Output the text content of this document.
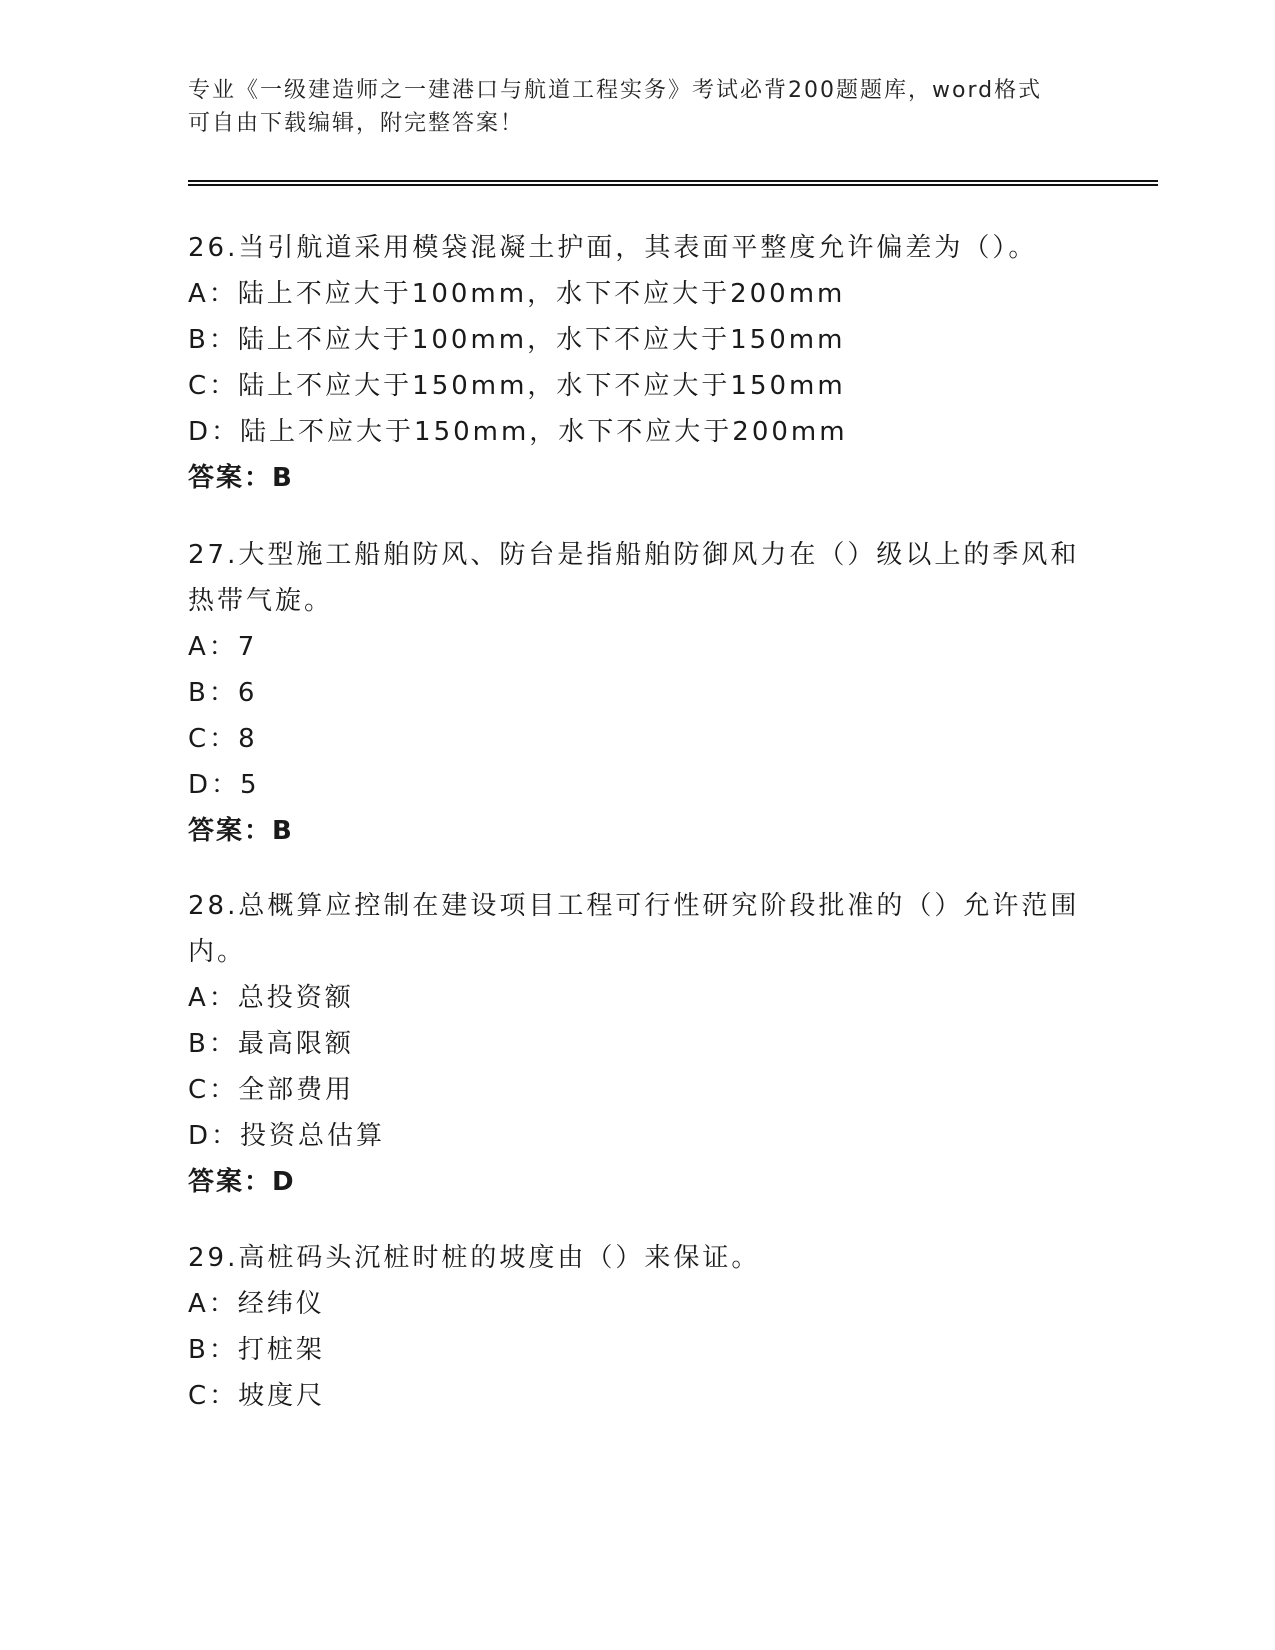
专业《一级建造师之一建港口与航道工程实务》考试必背200题题库，word格式
可自由下载编辑，附完整答案！
26.当引航道采用模袋混凝土护面，其表面平整度允许偏差为（）。
A：陆上不应大于100mm，水下不应大于200mm
B：陆上不应大于100mm，水下不应大于150mm
C：陆上不应大于150mm，水下不应大于150mm
D：陆上不应大于150mm，水下不应大于200mm
答案：B
27.大型施工船舶防风、防台是指船舶防御风力在（）级以上的季风和
热带气旋。
A：7
B：6
C：8
D：5
答案：B
28.总概算应控制在建设项目工程可行性研究阶段批准的（）允许范围
内。
A：总投资额
B：最高限额
C：全部费用
D：投资总估算
答案：D
29.高桩码头沉桩时桩的坡度由（）来保证。
A：经纬仪
B：打桩架
C：坡度尺
